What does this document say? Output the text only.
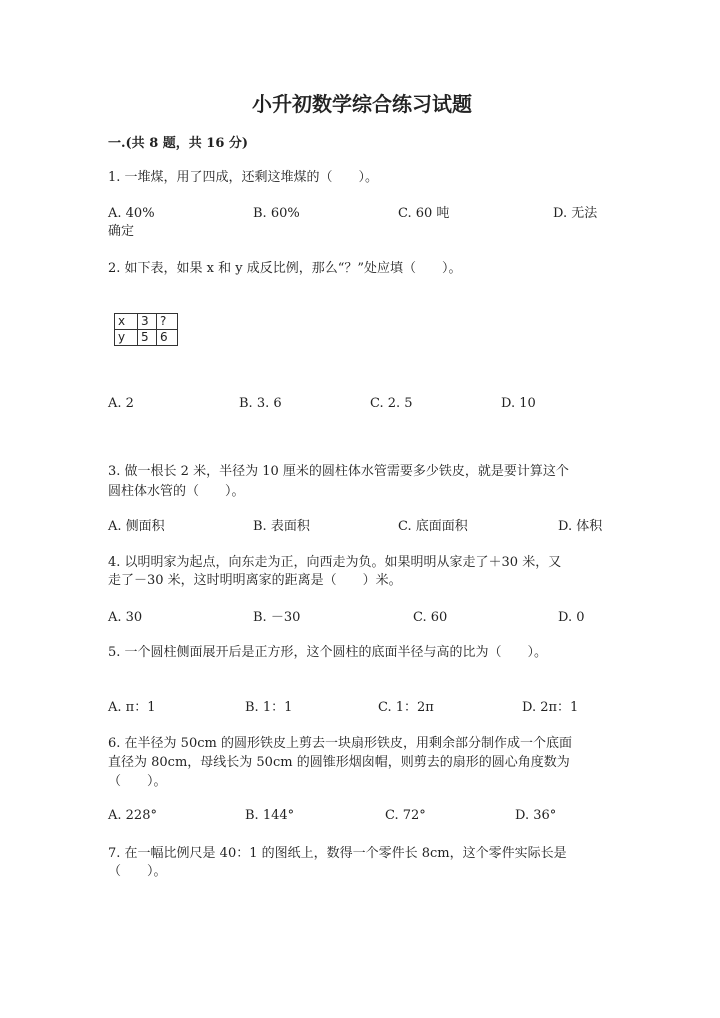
小升初数学综合练习试题
一.(共 8 题，共 16 分)
1. 一堆煤，用了四成，还剩这堆煤的（　　）。
A. 40%	B. 60%	C. 60 吨	D. 无法
确定
2. 如下表，如果 x 和 y 成反比例，那么“？”处应填（　　）。
x	3	?
y	5	6
A. 2	B. 3. 6	C. 2. 5	D. 10
3. 做一根长 2 米，半径为 10 厘米的圆柱体水管需要多少铁皮，就是要计算这个
圆柱体水管的（　　）。
A. 侧面积	B. 表面积	C. 底面面积	D. 体积
4. 以明明家为起点，向东走为正，向西走为负。如果明明从家走了＋30 米，又
走了－30 米，这时明明离家的距离是（　　）米。
A. 30	B. －30	C. 60	D. 0
5. 一个圆柱侧面展开后是正方形，这个圆柱的底面半径与高的比为（　　）。
A. π：1	B. 1：1	C. 1：2π	D. 2π：1
6. 在半径为 50cm 的圆形铁皮上剪去一块扇形铁皮，用剩余部分制作成一个底面
直径为 80cm，母线长为 50cm 的圆锥形烟囱帽，则剪去的扇形的圆心角度数为
（　　）。
A. 228°	B. 144°	C. 72°	D. 36°
7. 在一幅比例尺是 40：1 的图纸上，数得一个零件长 8cm，这个零件实际长是
（　　）。
